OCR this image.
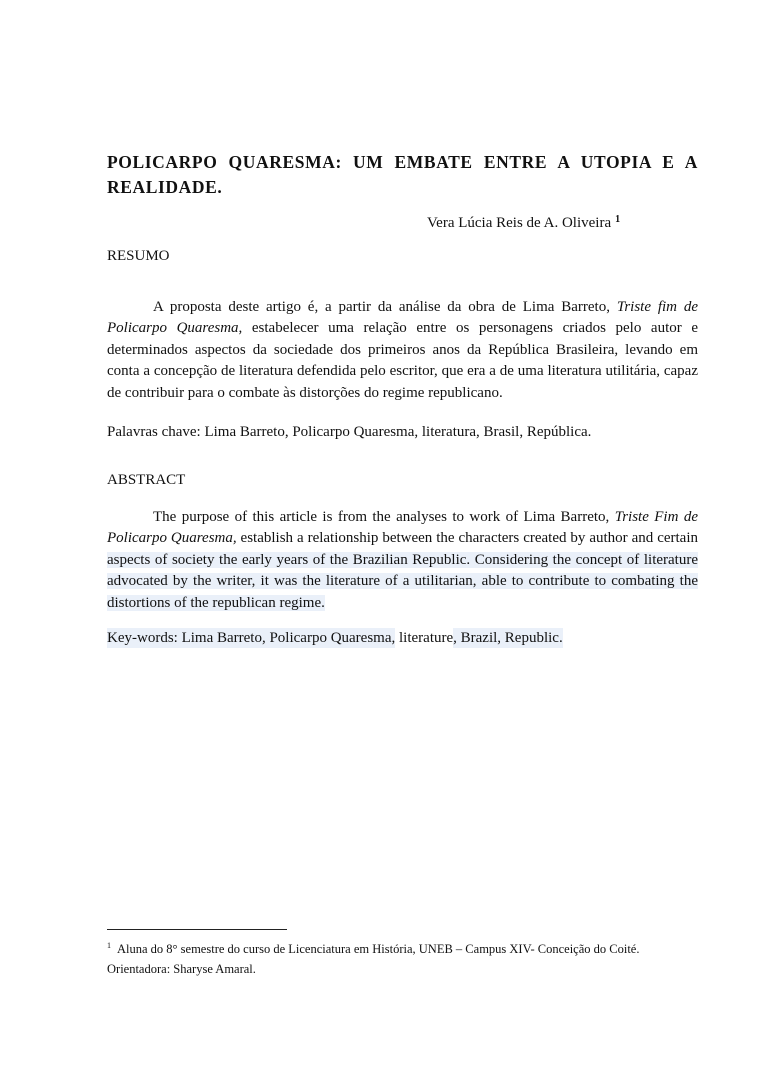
POLICARPO QUARESMA: UM EMBATE ENTRE A UTOPIA E A REALIDADE.
Vera Lúcia Reis de A. Oliveira $^1$

RESUMO

A proposta deste artigo é, a partir da análise da obra de Lima Barreto, Triste fim de Policarpo Quaresma, estabelecer uma relação entre os personagens criados pelo autor e determinados aspectos da sociedade dos primeiros anos da República Brasileira, levando em conta a concepção de literatura defendida pelo escritor, que era a de uma literatura utilitária, capaz de contribuir para o combate às distorções do regime republicano.

Palavras chave: Lima Barreto, Policarpo Quaresma, literatura, Brasil, República.

ABSTRACT

The purpose of this article is from the analyses to work of Lima Barreto, Triste Fim de Policarpo Quaresma, establish a relationship between the characters created by author and certain aspects of society the early years of the Brazilian Republic. Considering the concept of literature advocated by the writer, it was the literature of a utilitarian, able to contribute to combating the distortions of the republican regime.

Key-words: Lima Barreto, Policarpo Quaresma, literature, Brazil, Republic.

$^1$ Aluna do 8° semestre do curso de Licenciatura em História, UNEB – Campus XIV- Conceição do Coité.
Orientadora: Sharyse Amaral.
